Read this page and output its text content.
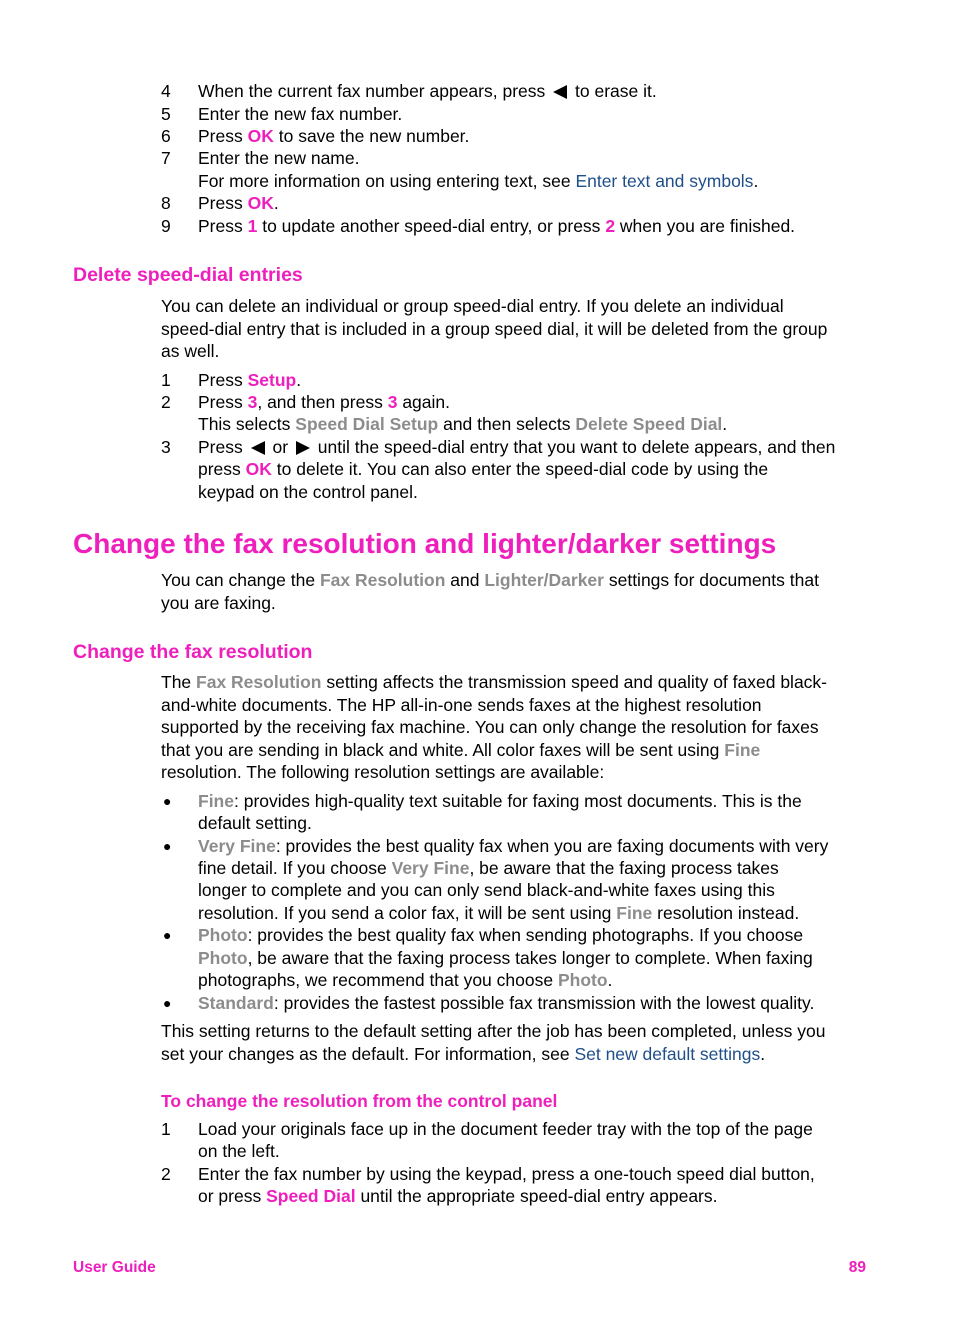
4 When the current fax number appears, press to erase it.
5 Enter the new fax number.
6 Press OK to save the new number.
7 Enter the new name.
For more information on using entering text, see Enter text and symbols.
8 Press OK.
9 Press 1 to update another speed-dial entry, or press 2 when you are finished.
Delete speed-dial entries
You can delete an individual or group speed-dial entry. If you delete an individual
speed-dial entry that is included in a group speed dial, it will be deleted from the group
as well.
1 Press Setup.
2 Press 3, and then press 3 again.
This selects Speed Dial Setup and then selects Delete Speed Dial.
3 Press or until the speed-dial entry that you want to delete appears, and then
press OK to delete it. You can also enter the speed-dial code by using the
keypad on the control panel.
Change the fax resolution and lighter/darker settings
You can change the Fax Resolution and Lighter/Darker settings for documents that
you are faxing.
Change the fax resolution
The Fax Resolution setting affects the transmission speed and quality of faxed black-
and-white documents. The HP all-in-one sends faxes at the highest resolution
supported by the receiving fax machine. You can only change the resolution for faxes
that you are sending in black and white. All color faxes will be sent using Fine
resolution. The following resolution settings are available:
● Fine: provides high-quality text suitable for faxing most documents. This is the
default setting.
● Very Fine: provides the best quality fax when you are faxing documents with very
fine detail. If you choose Very Fine, be aware that the faxing process takes
longer to complete and you can only send black-and-white faxes using this
resolution. If you send a color fax, it will be sent using Fine resolution instead.
● Photo: provides the best quality fax when sending photographs. If you choose
Photo, be aware that the faxing process takes longer to complete. When faxing
photographs, we recommend that you choose Photo.
● Standard: provides the fastest possible fax transmission with the lowest quality.
This setting returns to the default setting after the job has been completed, unless you
set your changes as the default. For information, see Set new default settings.
To change the resolution from the control panel
1 Load your originals face up in the document feeder tray with the top of the page
on the left.
2 Enter the fax number by using the keypad, press a one-touch speed dial button,
or press Speed Dial until the appropriate speed-dial entry appears.
User Guide	89
